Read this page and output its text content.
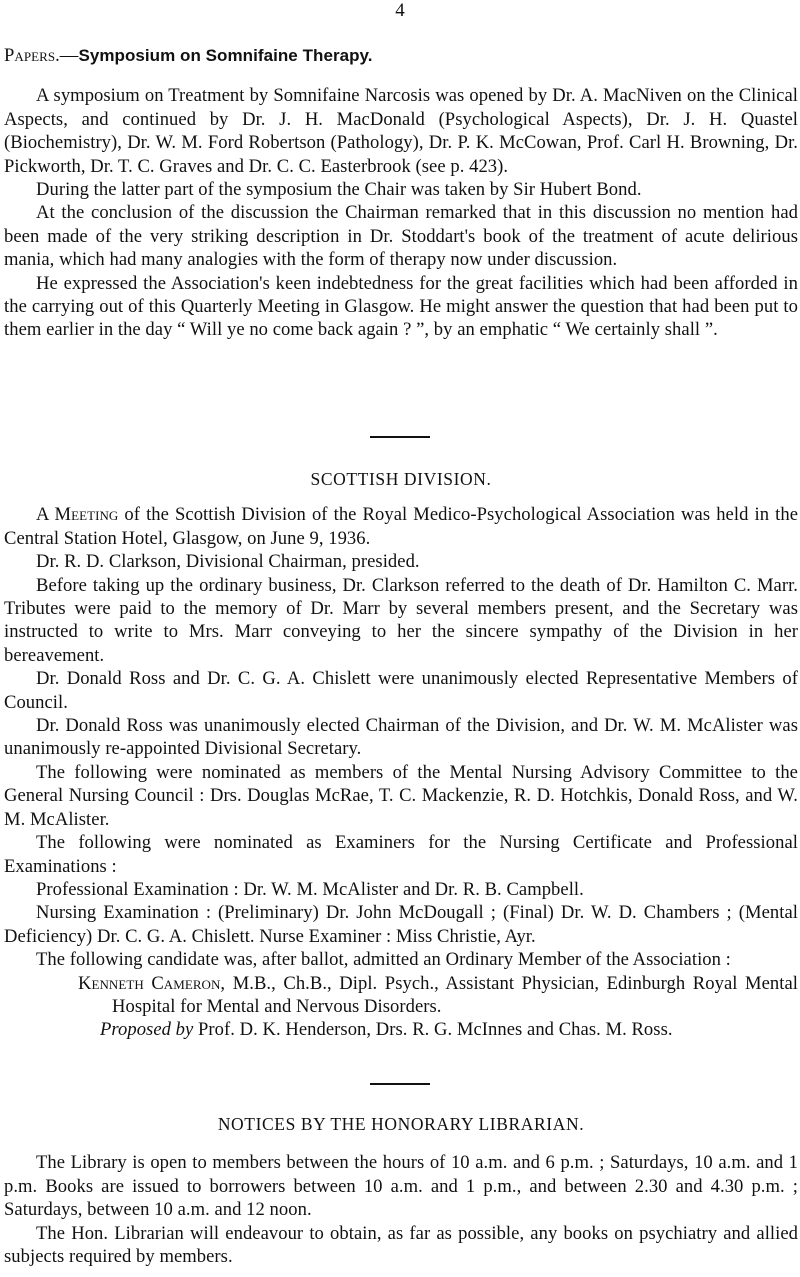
4

Papers.—Symposium on Somnifaine Therapy.

A symposium on Treatment by Somnifaine Narcosis was opened by Dr. A. MacNiven on the Clinical Aspects, and continued by Dr. J. H. MacDonald (Psychological Aspects), Dr. J. H. Quastel (Biochemistry), Dr. W. M. Ford Robertson (Pathology), Dr. P. K. McCowan, Prof. Carl H. Browning, Dr. Pickworth, Dr. T. C. Graves and Dr. C. C. Easterbrook (see p. 423).

During the latter part of the symposium the Chair was taken by Sir Hubert Bond.

At the conclusion of the discussion the Chairman remarked that in this discussion no mention had been made of the very striking description in Dr. Stoddart's book of the treatment of acute delirious mania, which had many analogies with the form of therapy now under discussion.

He expressed the Association's keen indebtedness for the great facilities which had been afforded in the carrying out of this Quarterly Meeting in Glasgow. He might answer the question that had been put to them earlier in the day “ Will ye no come back again ? ”, by an emphatic “ We certainly shall ”.

SCOTTISH DIVISION.

A Meeting of the Scottish Division of the Royal Medico-Psychological Association was held in the Central Station Hotel, Glasgow, on June 9, 1936.

Dr. R. D. Clarkson, Divisional Chairman, presided.

Before taking up the ordinary business, Dr. Clarkson referred to the death of Dr. Hamilton C. Marr. Tributes were paid to the memory of Dr. Marr by several members present, and the Secretary was instructed to write to Mrs. Marr conveying to her the sincere sympathy of the Division in her bereavement.

Dr. Donald Ross and Dr. C. G. A. Chislett were unanimously elected Representative Members of Council.

Dr. Donald Ross was unanimously elected Chairman of the Division, and Dr. W. M. McAlister was unanimously re-appointed Divisional Secretary.

The following were nominated as members of the Mental Nursing Advisory Committee to the General Nursing Council : Drs. Douglas McRae, T. C. Mackenzie, R. D. Hotchkis, Donald Ross, and W. M. McAlister.

The following were nominated as Examiners for the Nursing Certificate and Professional Examinations :

Professional Examination : Dr. W. M. McAlister and Dr. R. B. Campbell.

Nursing Examination : (Preliminary) Dr. John McDougall ; (Final) Dr. W. D. Chambers ; (Mental Deficiency) Dr. C. G. A. Chislett. Nurse Examiner : Miss Christie, Ayr.

The following candidate was, after ballot, admitted an Ordinary Member of the Association :

Kenneth Cameron, M.B., Ch.B., Dipl. Psych., Assistant Physician, Edinburgh Royal Mental Hospital for Mental and Nervous Disorders.

Proposed by Prof. D. K. Henderson, Drs. R. G. McInnes and Chas. M. Ross.

NOTICES BY THE HONORARY LIBRARIAN.

The Library is open to members between the hours of 10 a.m. and 6 p.m. ; Saturdays, 10 a.m. and 1 p.m. Books are issued to borrowers between 10 a.m. and 1 p.m., and between 2.30 and 4.30 p.m. ; Saturdays, between 10 a.m. and 12 noon.

The Hon. Librarian will endeavour to obtain, as far as possible, any books on psychiatry and allied subjects required by members.
